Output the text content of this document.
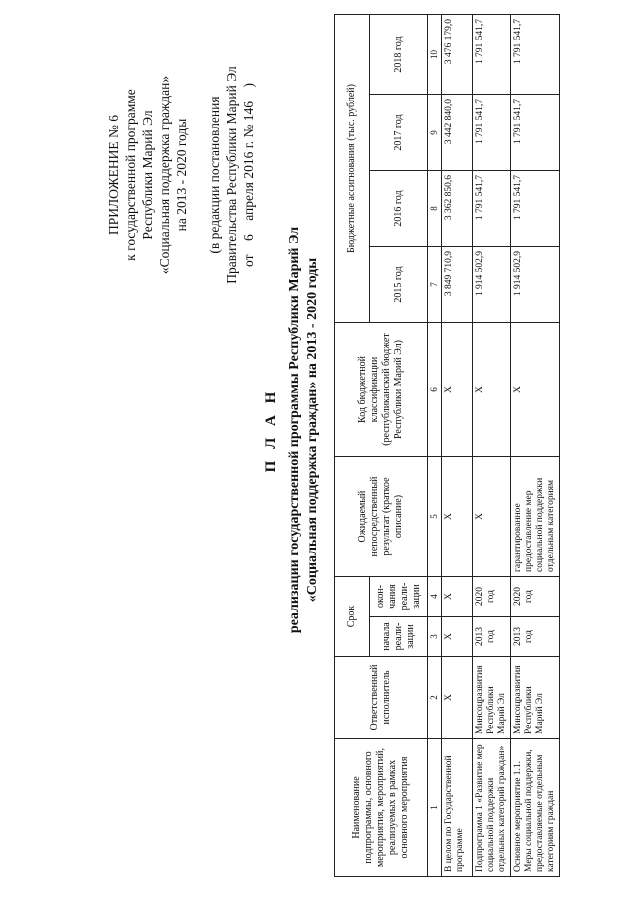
ПРИЛОЖЕНИЕ № 6 к государственной программе Республики Марий Эл «Социальная поддержка граждан» на 2013 - 2020 годы (в редакции постановления Правительства Республики Марий Эл от    6    апреля 2016 г. № 146    )
П Л А Н реализации государственной программы Республики Марий Эл «Социальная поддержка граждан» на 2013 - 2020 годы
Наименование подпрограммы, основного мероприятия, мероприятий, реализуемых в рамках основного мероприятия	Ответственный исполнитель	Срок		Ожидаемый непосредственный результат (краткое описание)	Код бюджетной классификации (республиканский бюджет Республики Марий Эл)	Бюджетные ассигнования (тыс. рублей)			
		начала реали-зации	окон-чания реали-зации			2015 год	2016 год	2017 год	2018 год

1	2	3	4	5	6	7	8	9	10
В целом по Государственной программе	Х	Х	Х	Х	Х	3 849 710,9	3 362 850,6	3 442 840,0	3 476 179,0
Подпрограмма 1 «Развитие мер социальной поддержки отдельных категорий граждан»	Минсоцразвития Республики Марий Эл	2013 год	2020 год	Х	Х	1 914 502,9	1 791 541,7	1 791 541,7	1 791 541,7
Основное мероприятие 1.1. Меры социальной поддержки, предоставляемые отдельным категориям граждан	Минсоцразвития Республики Марий Эл	2013 год	2020 год	гарантированное предоставление мер социальной поддержки отдельным категориям	Х	1 914 502,9	1 791 541,7	1 791 541,7	1 791 541,7
